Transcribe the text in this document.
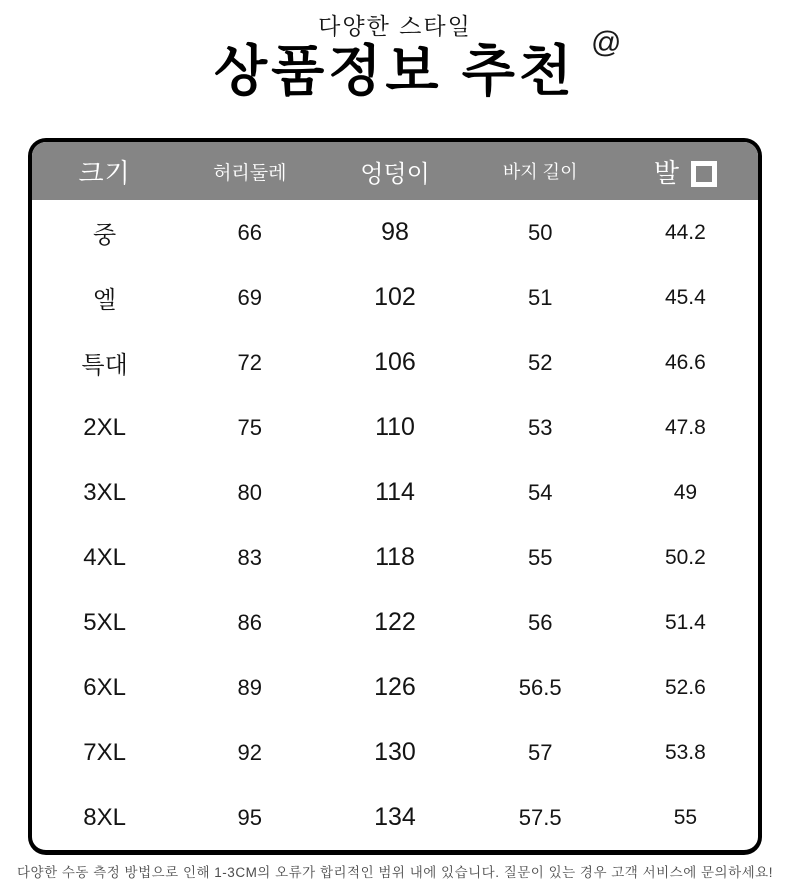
다양한 스타일
상품정보 추천 @
크기	허리둘레	엉덩이	바지 길이	발
중	66	98	50	44.2
엘	69	102	51	45.4
특대	72	106	52	46.6
2XL	75	110	53	47.8
3XL	80	114	54	49
4XL	83	118	55	50.2
5XL	86	122	56	51.4
6XL	89	126	56.5	52.6
7XL	92	130	57	53.8
8XL	95	134	57.5	55
다양한 수동 측정 방법으로 인해 1-3CM의 오류가 합리적인 범위 내에 있습니다. 질문이 있는 경우 고객 서비스에 문의하세요!
